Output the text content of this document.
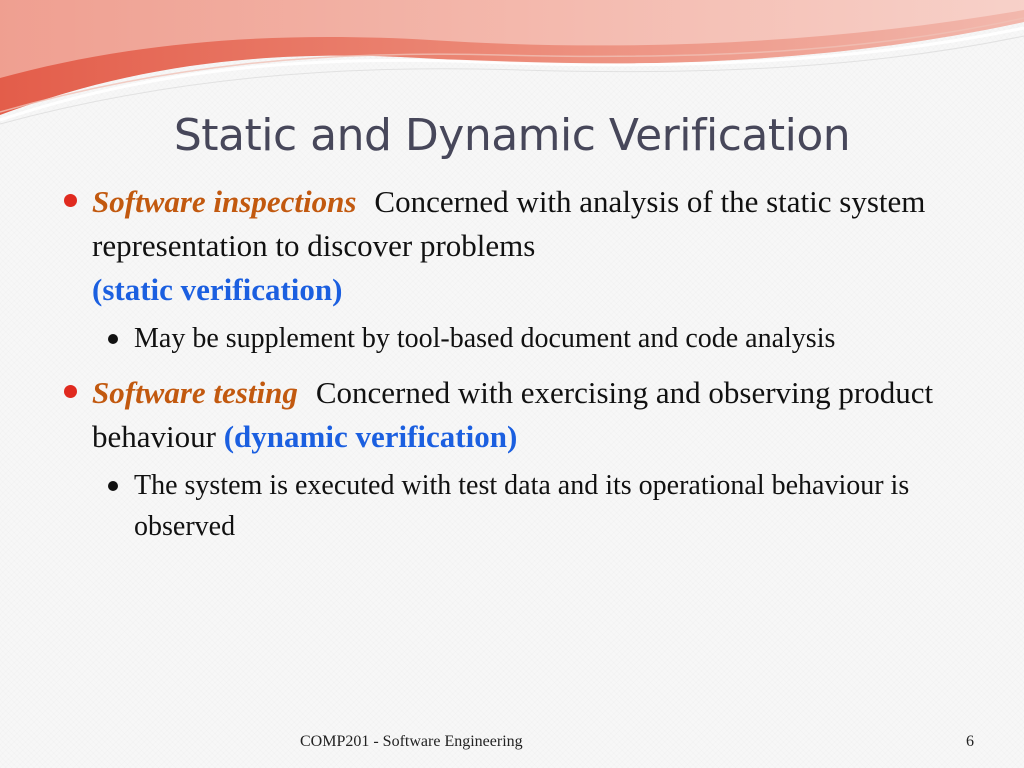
Static and Dynamic Verification
Software inspections Concerned with analysis of the static system representation to discover problems
(static verification)
May be supplement by tool-based document and code analysis
Software testing Concerned with exercising and observing product behaviour (dynamic verification)
The system is executed with test data and its operational behaviour is observed
COMP201 - Software Engineering	6
